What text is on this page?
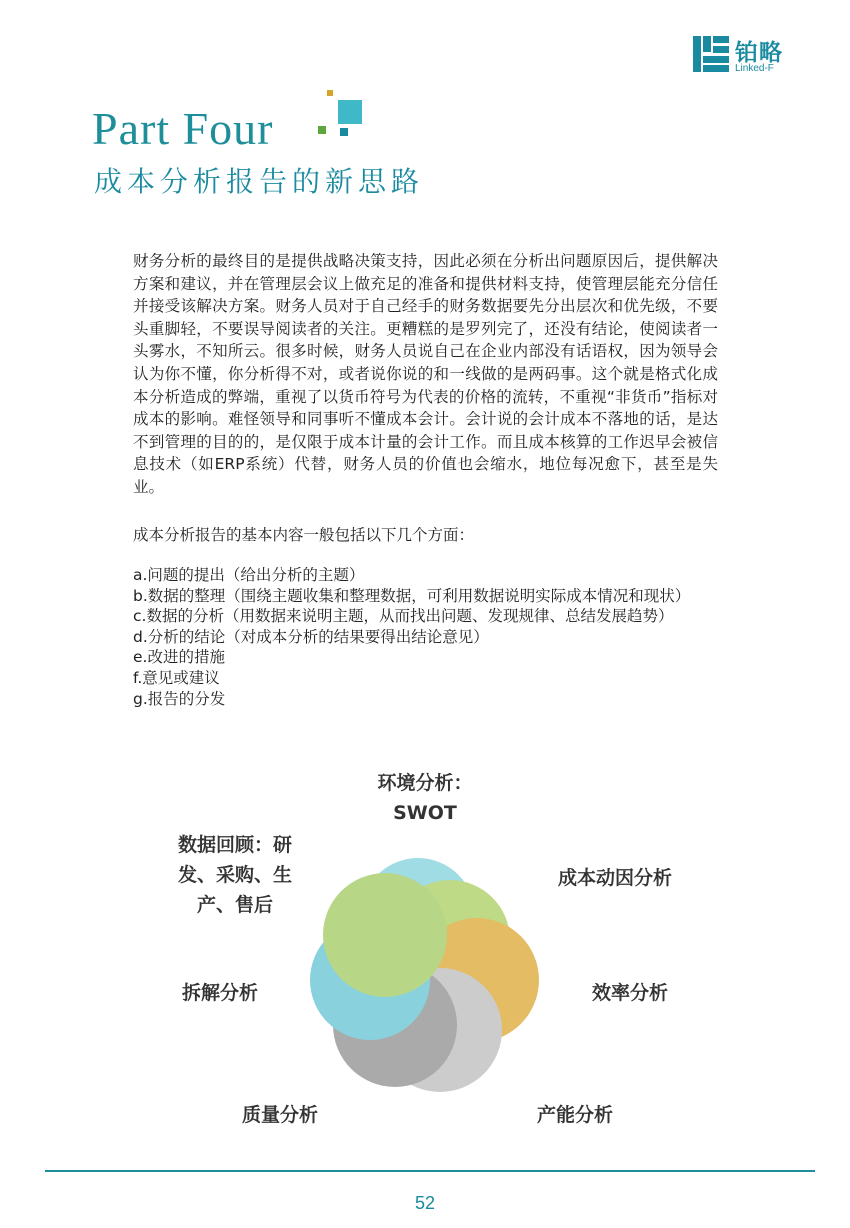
铂略
Linked-F
Part Four
成本分析报告的新思路
财务分析的最终目的是提供战略决策支持，因此必须在分析出问题原因后，提供解决方案和建议，并在管理层会议上做充足的准备和提供材料支持，使管理层能充分信任并接受该解决方案。财务人员对于自己经手的财务数据要先分出层次和优先级，不要头重脚轻，不要误导阅读者的关注。更糟糕的是罗列完了，还没有结论，使阅读者一头雾水，不知所云。很多时候，财务人员说自己在企业内部没有话语权，因为领导会认为你不懂，你分析得不对，或者说你说的和一线做的是两码事。这个就是格式化成本分析造成的弊端，重视了以货币符号为代表的价格的流转，不重视“非货币”指标对成本的影响。难怪领导和同事听不懂成本会计。会计说的会计成本不落地的话，是达不到管理的目的的，是仅限于成本计量的会计工作。而且成本核算的工作迟早会被信息技术（如ERP系统）代替，财务人员的价值也会缩水，地位每况愈下，甚至是失业。
成本分析报告的基本内容一般包括以下几个方面：
a.问题的提出（给出分析的主题）
b.数据的整理（围绕主题收集和整理数据，可利用数据说明实际成本情况和现状）
c.数据的分析（用数据来说明主题，从而找出问题、发现规律、总结发展趋势）
d.分析的结论（对成本分析的结果要得出结论意见）
e.改进的措施
f.意见或建议
g.报告的分发
环境分析：SWOT
数据回顾：研发、采购、生产、售后
成本动因分析
拆解分析	效率分析
质量分析	产能分析
52
